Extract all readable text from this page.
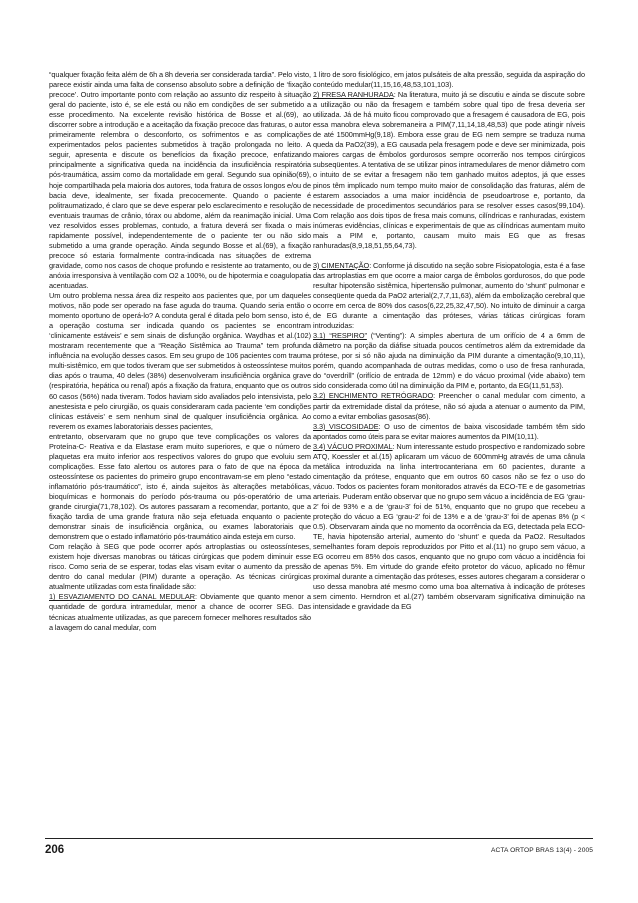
“qualquer fixação feita além de 6h a 8h deveria ser considerada tardia”. Pelo visto, parece existir ainda uma falta de consenso absoluto sobre a definição de ‘fixação precoce’. Outro importante ponto com relação ao assunto diz respeito à situação geral do paciente, isto é, se ele está ou não em condições de ser submetido a esse procedimento. Na excelente revisão histórica de Bosse et al.(69), ao discorrer sobre a introdução e a aceitação da fixação precoce das fraturas, o autor primeiramente relembra o desconforto, os sofrimentos e as complicações experimentados pelos pacientes submetidos à tração prolongada no leito. A seguir, apresenta e discute os benefícios da fixação precoce, enfatizando principalmente a significativa queda na incidência da insuficiência respiratória pós-traumática, assim como da mortalidade em geral. Segundo sua opinião(69), hoje compartilhada pela maioria dos autores, toda fratura de ossos longos e/ou de bacia deve, idealmente, ser fixada precocemente. Quando o paciente é politraumatizado, é claro que se deve esperar pelo esclarecimento e resolução de eventuais traumas de crânio, tórax ou abdome, além da reanimação inicial. Uma vez resolvidos esses problemas, contudo, a fratura deverá ser fixada o mais rapidamente possível, independentemente de o paciente ter ou não sido submetido a uma grande operação. Ainda segundo Bosse et al.(69), a fixação precoce só estaria formalmente contra-indicada nas situações de extrema gravidade, como nos casos de choque profundo e resistente ao tratamento, ou de anóxia irresponsiva à ventilação com O2 a 100%, ou de hipotermia e coagulopatia acentuadas.

Um outro problema nessa área diz respeito aos pacientes que, por um daqueles motivos, não pode ser operado na fase aguda do trauma. Quando seria então o momento oportuno de operá-lo? A conduta geral é ditada pelo bom senso, isto é, a operação costuma ser indicada quando os pacientes se encontram ‘clinicamente estáveis’ e sem sinais de disfunção orgânica. Waydhas et al.(102) mostraram recentemente que a “Reação Sistêmica ao Trauma” tem profunda influência na evolução desses casos. Em seu grupo de 106 pacientes com trauma multi-sistêmico, em que todos tiveram que ser submetidos à osteossíntese muitos dias após o trauma, 40 deles (38%) desenvolveram insuficiência orgânica grave (respiratória, hepática ou renal) após a fixação da fratura, enquanto que os outros 60 casos (56%) nada tiveram. Todos haviam sido avaliados pelo intensivista, pelo anestesista e pelo cirurgião, os quais consideraram cada paciente ‘em condições clínicas estáveis’ e sem nenhum sinal de qualquer insuficiência orgânica. Ao reverem os exames laboratoriais desses pacientes,

entretanto, observaram que no grupo que teve complicações os valores da Proteína-C- Reativa e da Elastase eram muito superiores, e que o número de plaquetas era muito inferior aos respectivos valores do grupo que evoluiu sem complicações. Esse fato alertou os autores para o fato de que na época da osteossíntese os pacientes do primeiro grupo encontravam-se em pleno “estado inflamatório pós-traumático”, isto é, ainda sujeitos às alterações metabólicas, bioquímicas e hormonais do período pós-trauma ou pós-operatório de uma grande cirurgia(71,78,102). Os autores passaram a recomendar, portanto, que a fixação tardia de uma grande fratura não seja efetuada enquanto o paciente demonstrar sinais de insuficiência orgânica, ou exames laboratoriais que demonstrem que o estado inflamatório pós-traumático ainda esteja em curso.

Com relação à SEG que pode ocorrer após artroplastias ou osteossínteses, existem hoje diversas manobras ou táticas cirúrgicas que podem diminuir esse risco. Como seria de se esperar, todas elas visam evitar o aumento da pressão dentro do canal medular (PIM) durante a operação. As técnicas cirúrgicas atualmente utilizadas com esta finalidade são:

1) ESVAZIAMENTO DO CANAL MEDULAR: Obviamente que quanto menor a quantidade de gordura intramedular, menor a chance de ocorrer SEG. Das técnicas atualmente utilizadas, as que parecem fornecer melhores resultados são a lavagem do canal medular, com

1 litro de soro fisiológico, em jatos pulsáteis de alta pressão, seguida da aspiração do conteúdo medular(11,15,16,48,53,101,103).

2) FRESA RANHURADA: Na literatura, muito já se discutiu e ainda se discute sobre a utilização ou não da fresagem e também sobre qual tipo de fresa deveria ser utilizada. Já de há muito ficou comprovado que a fresagem é causadora de EG, pois essa manobra eleva sobremaneira a PIM(7,11,14,18,48,53) que pode atingir níveis de até 1500mmHg(9,18). Embora esse grau de EG nem sempre se traduza numa queda da PaO2(39), a EG causada pela fresagem pode e deve ser minimizada, pois maiores cargas de êmbolos gordurosos sempre ocorrerão nos tempos cirúrgicos subseqüentes. A tentativa de se utilizar pinos intramedulares de menor diâmetro com o intuito de se evitar a fresagem não tem ganhado muitos adeptos, já que esses pinos têm implicado num tempo muito maior de consolidação das fraturas, além de estarem associados a uma maior incidência de pseudoartrose e, portanto, da necessidade de procedimentos secundários para se resolver esses casos(99,104). Com relação aos dois tipos de fresa mais comuns, cilíndricas e ranhuradas, existem inúmeras evidências, clínicas e experimentais de que as cilíndricas aumentam muito mais a PIM e, portanto, causam muito mais EG que as fresas ranhuradas(8,9,18,51,55,64,73).

3) CIMENTAÇÃO: Conforme já discutido na seção sobre Fisiopatologia, esta é a fase das artroplastias em que ocorre a maior carga de êmbolos gordurosos, do que pode resultar hipotensão sistêmica, hipertensão pulmonar, aumento do ‘shunt’ pulmonar e conseqüente queda da PaO2 arterial(2,7,7,11,63), além da embolização cerebral que ocorre em cerca de 80% dos casos(6,22,25,32,47,50). No intuito de diminuir a carga de EG durante a cimentação das próteses, várias táticas cirúrgicas foram introduzidas:

3.1) “RESPIRO” (“Venting”): A simples abertura de um orifício de 4 a 6mm de diâmetro na porção da diáfise situada poucos centímetros além da extremidade da prótese, por si só não ajuda na diminuição da PIM durante a cimentação(9,10,11), porém, quando acompanhada de outras medidas, como o uso de fresa ranhurada, do “overdrill” (orifício de entrada de 12mm) e do vácuo proximal (vide abaixo) tem sido considerada como útil na diminuição da PIM e, portanto, da EG(11,51,53).

3.2) ENCHIMENTO RETRÓGRADO: Preencher o canal medular com cimento, a partir da extremidade distal da prótese, não só ajuda a atenuar o aumento da PIM, como a evitar embolias gasosas(86).

3.3) VISCOSIDADE: O uso de cimentos de baixa viscosidade também têm sido apontados como úteis para se evitar maiores aumentos da PIM(10,11).

3.4) VÁCUO PROXIMAL: Num interessante estudo prospectivo e randomizado sobre ATQ, Koessler et al.(15) aplicaram um vácuo de 600mmHg através de uma cânula metálica introduzida na linha intertrocanteriana em 60 pacientes, durante a cimentação da prótese, enquanto que em outros 60 casos não se fez o uso do vácuo. Todos os pacientes foram monitorados através da ECO-TE e de gasometrias arteriais. Puderam então observar que no grupo sem vácuo a incidência de EG ‘grau-2’ foi de 93% e a de ‘grau-3’ foi de 51%, enquanto que no grupo que recebeu a proteção do vácuo a EG ‘grau-2’ foi de 13% e a de ‘grau-3’ foi de apenas 8% (p < 0.5). Observaram ainda que no momento da ocorrência da EG, detectada pela ECO-TE, havia hipotensão arterial, aumento do ‘shunt’ e queda da PaO2. Resultados semelhantes foram depois reproduzidos por Pitto et al.(11) no grupo sem vácuo, a EG ocorreu em 85% dos casos, enquanto que no grupo com vácuo a incidência foi de apenas 5%. Em virtude do grande efeito protetor do vácuo, aplicado no fêmur proximal durante a cimentação das próteses, esses autores chegaram a considerar o uso dessa manobra até mesmo como uma boa alternativa à indicação de próteses sem cimento. Herndron et al.(27) também observaram significativa diminuição na intensidade e gravidade da EG

206	ACTA ORTOP BRAS 13(4) - 2005
